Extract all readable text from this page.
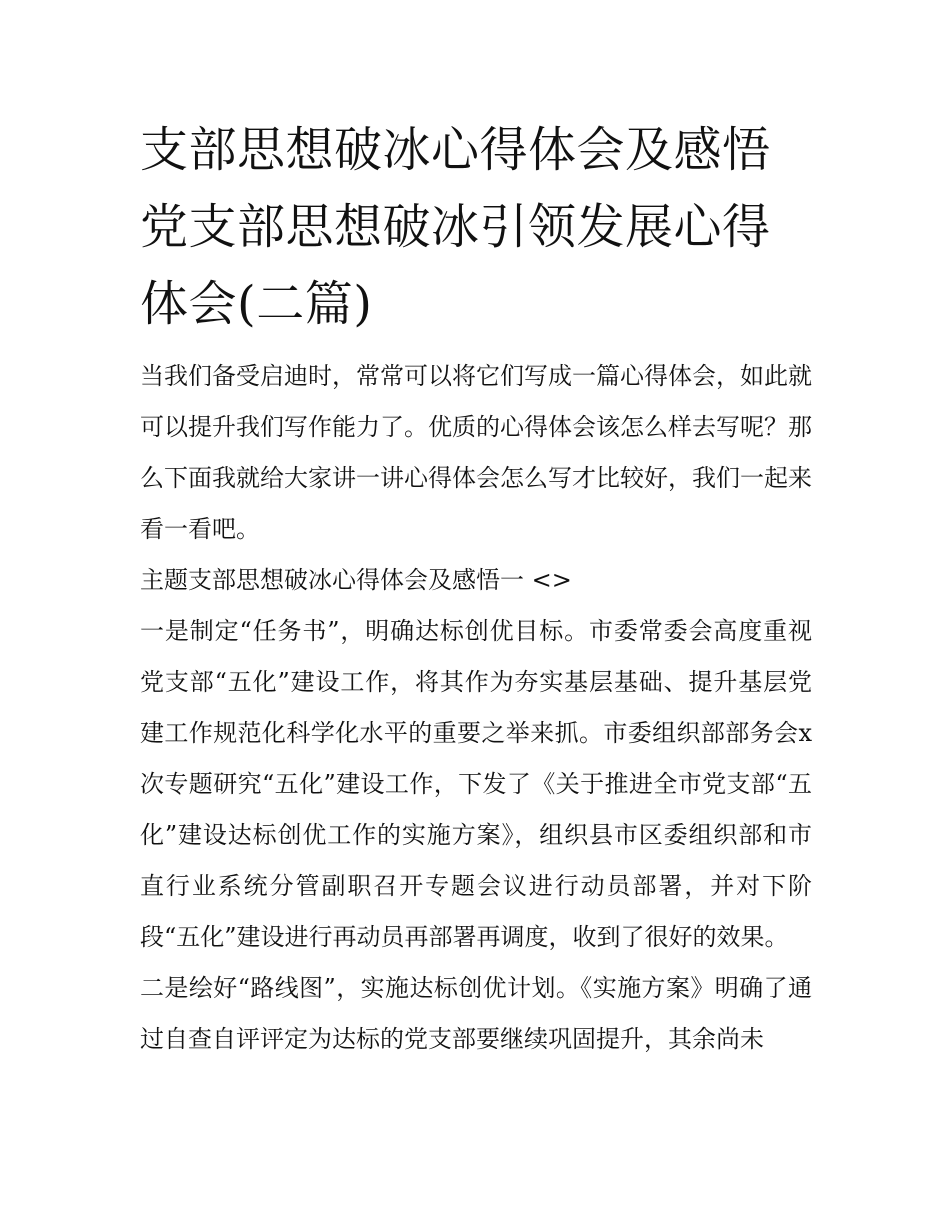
支部思想破冰心得体会及感悟党支部思想破冰引领发展心得体会(二篇)

当我们备受启迪时，常常可以将它们写成一篇心得体会，如此就可以提升我们写作能力了。优质的心得体会该怎么样去写呢？那么下面我就给大家讲一讲心得体会怎么写才比较好，我们一起来看一看吧。

主题支部思想破冰心得体会及感悟一 <>

一是制定“任务书”，明确达标创优目标。市委常委会高度重视党支部“五化”建设工作，将其作为夯实基层基础、提升基层党建工作规范化科学化水平的重要之举来抓。市委组织部部务会x次专题研究“五化”建设工作，下发了《关于推进全市党支部“五化”建设达标创优工作的实施方案》，组织县市区委组织部和市直行业系统分管副职召开专题会议进行动员部署，并对下阶段“五化”建设进行再动员再部署再调度，收到了很好的效果。

二是绘好“路线图”，实施达标创优计划。《实施方案》明确了通过自查自评评定为达标的党支部要继续巩固提升，其余尚未
